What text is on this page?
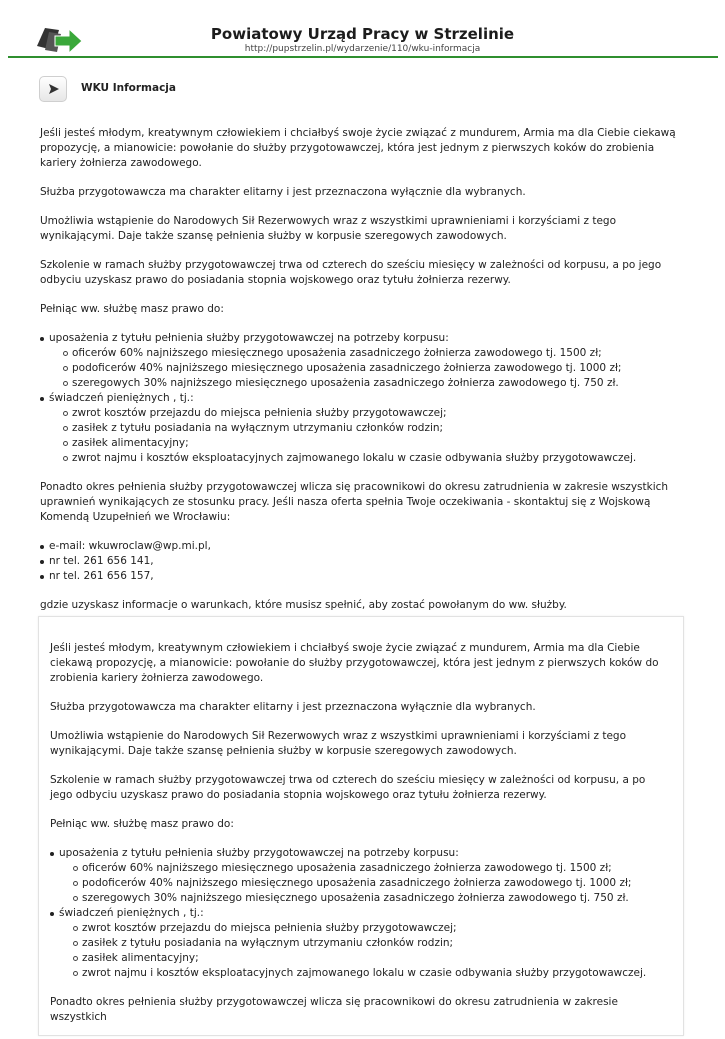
Powiatowy Urząd Pracy w Strzelinie
http://pupstrzelin.pl/wydarzenie/110/wku-informacja
WKU Informacja

Jeśli jesteś młodym, kreatywnym człowiekiem i chciałbyś swoje życie związać z mundurem, Armia ma dla Ciebie ciekawą propozycję, a mianowicie: powołanie do służby przygotowawczej, która jest jednym z pierwszych koków do zrobienia kariery żołnierza zawodowego.

Służba przygotowawcza ma charakter elitarny i jest przeznaczona wyłącznie dla wybranych.

Umożliwia wstąpienie do Narodowych Sił Rezerwowych wraz z wszystkimi uprawnieniami i korzyściami z tego wynikającymi. Daje także szansę pełnienia służby w korpusie szeregowych zawodowych.

Szkolenie w ramach służby przygotowawczej trwa od czterech do sześciu miesięcy w zależności od korpusu, a po jego odbyciu uzyskasz prawo do posiadania stopnia wojskowego oraz tytułu żołnierza rezerwy.

Pełniąc ww. służbę masz prawo do:

uposażenia z tytułu pełnienia służby przygotowawczej na potrzeby korpusu:
oficerów 60% najniższego miesięcznego uposażenia zasadniczego żołnierza zawodowego tj. 1500 zł;
podoficerów 40% najniższego miesięcznego uposażenia zasadniczego żołnierza zawodowego tj. 1000 zł;
szeregowych 30% najniższego miesięcznego uposażenia zasadniczego żołnierza zawodowego tj. 750 zł.
świadczeń pieniężnych , tj.:
zwrot kosztów przejazdu do miejsca pełnienia służby przygotowawczej;
zasiłek z tytułu posiadania na wyłącznym utrzymaniu członków rodzin;
zasiłek alimentacyjny;
zwrot najmu i kosztów eksploatacyjnych zajmowanego lokalu w czasie odbywania służby przygotowawczej.

Ponadto okres pełnienia służby przygotowawczej wlicza się pracownikowi do okresu zatrudnienia w zakresie wszystkich uprawnień wynikających ze stosunku pracy. Jeśli nasza oferta spełnia Twoje oczekiwania - skontaktuj się z Wojskową Komendą Uzupełnień we Wrocławiu:

e-mail: wkuwroclaw@wp.mi.pl,
nr tel. 261 656 141,
nr tel. 261 656 157,

gdzie uzyskasz informacje o warunkach, które musisz spełnić, aby zostać powołanym do ww. służby.

Jeśli jesteś młodym, kreatywnym człowiekiem i chciałbyś swoje życie związać z mundurem, Armia ma dla Ciebie ciekawą propozycję, a mianowicie: powołanie do służby przygotowawczej, która jest jednym z pierwszych koków do zrobienia kariery żołnierza zawodowego.

Służba przygotowawcza ma charakter elitarny i jest przeznaczona wyłącznie dla wybranych.

Umożliwia wstąpienie do Narodowych Sił Rezerwowych wraz z wszystkimi uprawnieniami i korzyściami z tego wynikającymi. Daje także szansę pełnienia służby w korpusie szeregowych zawodowych.

Szkolenie w ramach służby przygotowawczej trwa od czterech do sześciu miesięcy w zależności od korpusu, a po jego odbyciu uzyskasz prawo do posiadania stopnia wojskowego oraz tytułu żołnierza rezerwy.

Pełniąc ww. służbę masz prawo do:

uposażenia z tytułu pełnienia służby przygotowawczej na potrzeby korpusu:
oficerów 60% najniższego miesięcznego uposażenia zasadniczego żołnierza zawodowego tj. 1500 zł;
podoficerów 40% najniższego miesięcznego uposażenia zasadniczego żołnierza zawodowego tj. 1000 zł;
szeregowych 30% najniższego miesięcznego uposażenia zasadniczego żołnierza zawodowego tj. 750 zł.
świadczeń pieniężnych , tj.:
zwrot kosztów przejazdu do miejsca pełnienia służby przygotowawczej;
zasiłek z tytułu posiadania na wyłącznym utrzymaniu członków rodzin;
zasiłek alimentacyjny;
zwrot najmu i kosztów eksploatacyjnych zajmowanego lokalu w czasie odbywania służby przygotowawczej.

Ponadto okres pełnienia służby przygotowawczej wlicza się pracownikowi do okresu zatrudnienia w zakresie wszystkich
